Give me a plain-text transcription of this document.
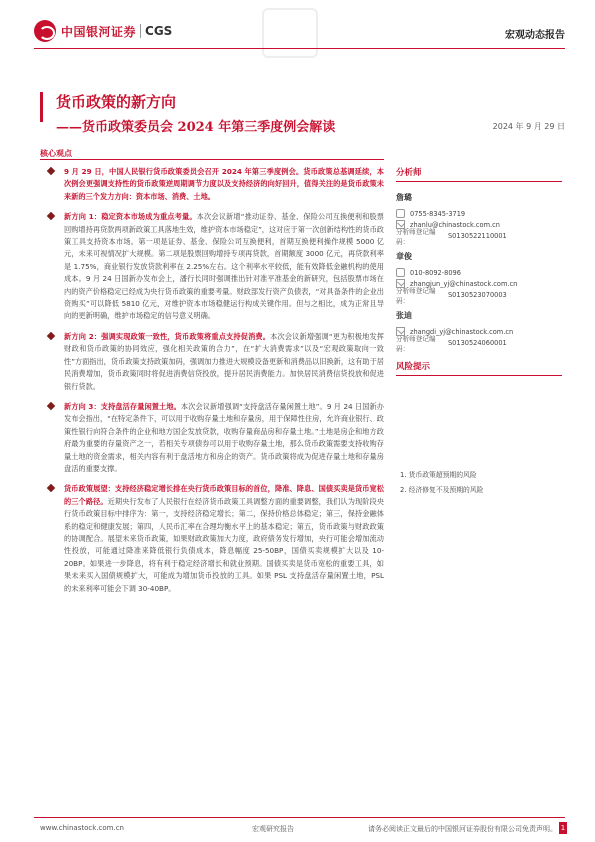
中国银河证券 CGS	宏观动态报告
货币政策的新方向
——货币政策委员会 2024 年第三季度例会解读	2024 年 9 月 29 日
核心观点
9 月 29 日，中国人民银行货币政策委员会召开 2024 年第三季度例会。货币政策总基调延续，本次例会更强调支持性的货币政策逆周期调节力度以及支持经济的向好回升，值得关注的是货币政策未来新的三个发力方向：资本市场、消费、土地。
新方向 1：稳定资本市场成为重点考量。本次会议新增“推动证券、基金、保险公司互换便利和股票回购增持再贷款两项新政策工具落地生效，维护资本市场稳定”，这对应于第一次创新结构性的货币政策工具支持资本市场。第一项是证券、基金、保险公司互换便利，首期互换便利操作规模 5000 亿元，未来可视情况扩大规模。第二项是股票回购增持专项再贷款，首期额度 3000 亿元，再贷款利率是 1.75%，商业银行发放贷款利率在 2.25%左右。这个利率水平较低，能有效降低金融机构的使用成本。9 月 24 日国新办发布会上，潘行长同时强调推出针对准平准基金的新研究，包括股票市场在内的资产价格稳定已经成为央行货币政策的重要考量。财政部发行资产负债表，“对具备条件的企业出资购买”可以降低 5810 亿元，对维护资本市场稳健运行构成关键作用。但与之相比，成为正常且导向的更新明确，维护市场稳定的信号意义明确。
新方向 2：强调实现政策一致性，货币政策将重点支持促消费。本次会议新增强调“更为积极地发挥财政和货币政策的协同效应，强化相关政策的合力”，在“扩大消费需求”以及“宏观政策取向一致性”方面指出，货币政策支持政策加码，强调加力推进大规模设备更新和消费品以旧换新，这有助于居民消费增加，货币政策同时将促进消费信贷投放，提升居民消费能力。加快居民消费信贷投放和促进银行贷款。
新方向 3：支持盘活存量闲置土地。本次会议新增强调“支持盘活存量闲置土地”。9 月 24 日国新办发布会指出，“在特定条件下，可以用于收购存量土地和存量房，用于保障性住房，允许商业银行、政策性银行向符合条件的企业和地方国企发放贷款，收购存量商品房和存量土地。”土地是房企和地方政府最为重要的存量资产之一，若相关专项债券可以用于收购存量土地，那么货币政策需要支持收购存量土地的资金需求，相关内容有利于盘活地方和房企的资产。货币政策将成为促进存量土地和存量房盘活的重要支撑。
货币政策展望：支持经济稳定增长排在央行货币政策目标的首位，降准、降息、国债买卖是货币宽松的三个路径。近期央行发布了人民银行在经济货币政策工具调整方面的重要调整，我们认为现阶段央行货币政策目标中排序为：第一，支持经济稳定增长；第二，保持价格总体稳定；第三，保持金融体系的稳定和健康发展；第四，人民币汇率在合理均衡水平上的基本稳定；第五，货币政策与财政政策的协调配合。展望未来货币政策，如果财政政策加大力度，政府债务发行增加，央行可能会增加流动性投放，可能通过降准来降低银行负债成本，降息幅度 25-50BP，国债买卖规模扩大以及 10-20BP。如果进一步降息，将有利于稳定经济增长和就业预期。国债买卖是货币宽松的重要工具，如果未来买入国债规模扩大，可能成为增加货币投放的工具。如果 PSL 支持盘活存量闲置土地，PSL 的未来利率可能会下调 30-40BP。
分析师
詹璐
0755-8345-3719
zhanlu@chinastock.com.cn
分析师登记编码：
S0130522110001
章俊
010-8092-8096
zhangjun_yj@chinastock.com.cn
分析师登记编码：
S0130523070003
张迪
zhangdi_yj@chinastock.com.cn
分析师登记编码：
S0130524060001
风险提示
1. 货币政策超预期的风险
2. 经济修复不及预期的风险
www.chinastock.com.cn	宏观研究报告	请务必阅读正文最后的中国银河证券股份有限公司免责声明。 1
